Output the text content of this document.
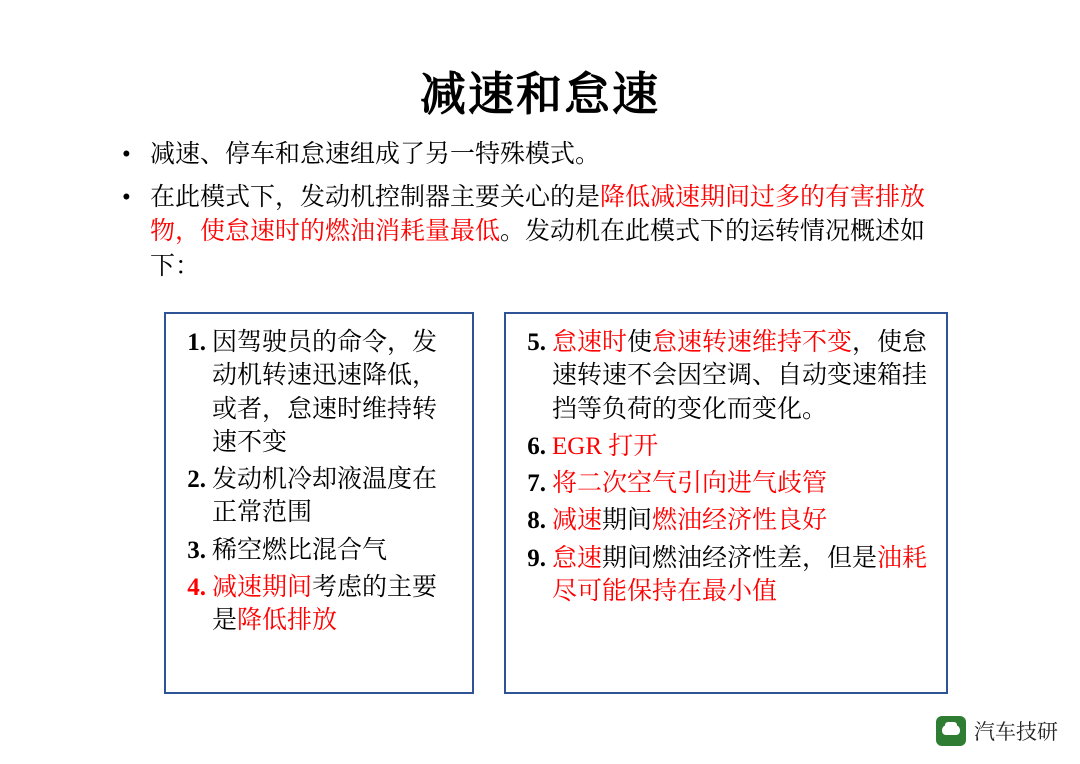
减速和怠速
• 减速、停车和怠速组成了另一特殊模式。
• 在此模式下，发动机控制器主要关心的是降低减速期间过多的有害排放物，使怠速时的燃油消耗量最低。发动机在此模式下的运转情况概述如下：
1. 因驾驶员的命令，发动机转速迅速降低，或者，怠速时维持转速不变
2. 发动机冷却液温度在正常范围
3. 稀空燃比混合气
4. 减速期间考虑的主要是降低排放
5. 怠速时使怠速转速维持不变，使怠速转速不会因空调、自动变速箱挂挡等负荷的变化而变化。
6. EGR 打开
7. 将二次空气引向进气歧管
8. 减速期间燃油经济性良好
9. 怠速期间燃油经济性差，但是油耗尽可能保持在最小值
汽车技研
